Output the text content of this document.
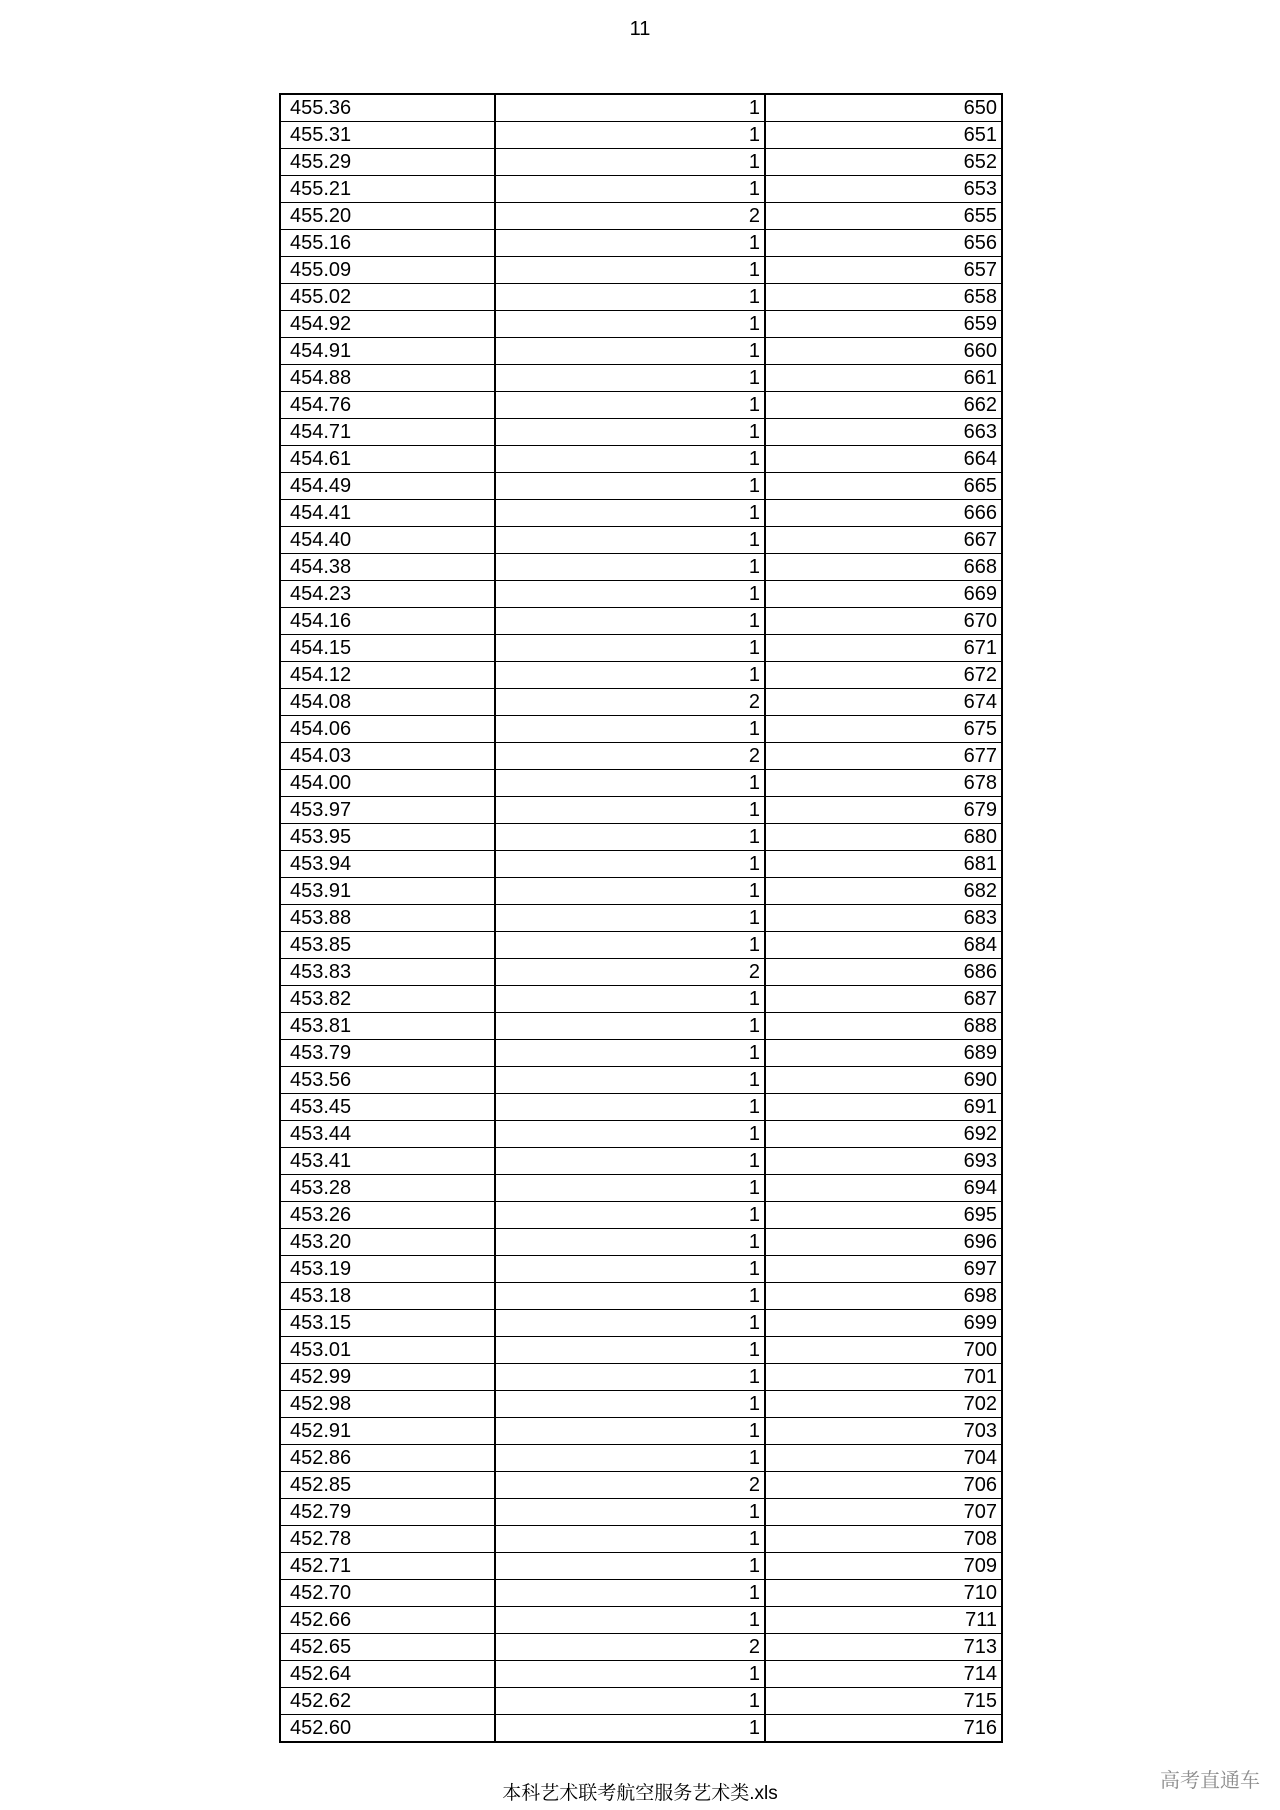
11
455.36	1	650
455.31	1	651
455.29	1	652
455.21	1	653
455.20	2	655
455.16	1	656
455.09	1	657
455.02	1	658
454.92	1	659
454.91	1	660
454.88	1	661
454.76	1	662
454.71	1	663
454.61	1	664
454.49	1	665
454.41	1	666
454.40	1	667
454.38	1	668
454.23	1	669
454.16	1	670
454.15	1	671
454.12	1	672
454.08	2	674
454.06	1	675
454.03	2	677
454.00	1	678
453.97	1	679
453.95	1	680
453.94	1	681
453.91	1	682
453.88	1	683
453.85	1	684
453.83	2	686
453.82	1	687
453.81	1	688
453.79	1	689
453.56	1	690
453.45	1	691
453.44	1	692
453.41	1	693
453.28	1	694
453.26	1	695
453.20	1	696
453.19	1	697
453.18	1	698
453.15	1	699
453.01	1	700
452.99	1	701
452.98	1	702
452.91	1	703
452.86	1	704
452.85	2	706
452.79	1	707
452.78	1	708
452.71	1	709
452.70	1	710
452.66	1	711
452.65	2	713
452.64	1	714
452.62	1	715
452.60	1	716
本科艺术联考航空服务艺术类.xls
高考直通车
